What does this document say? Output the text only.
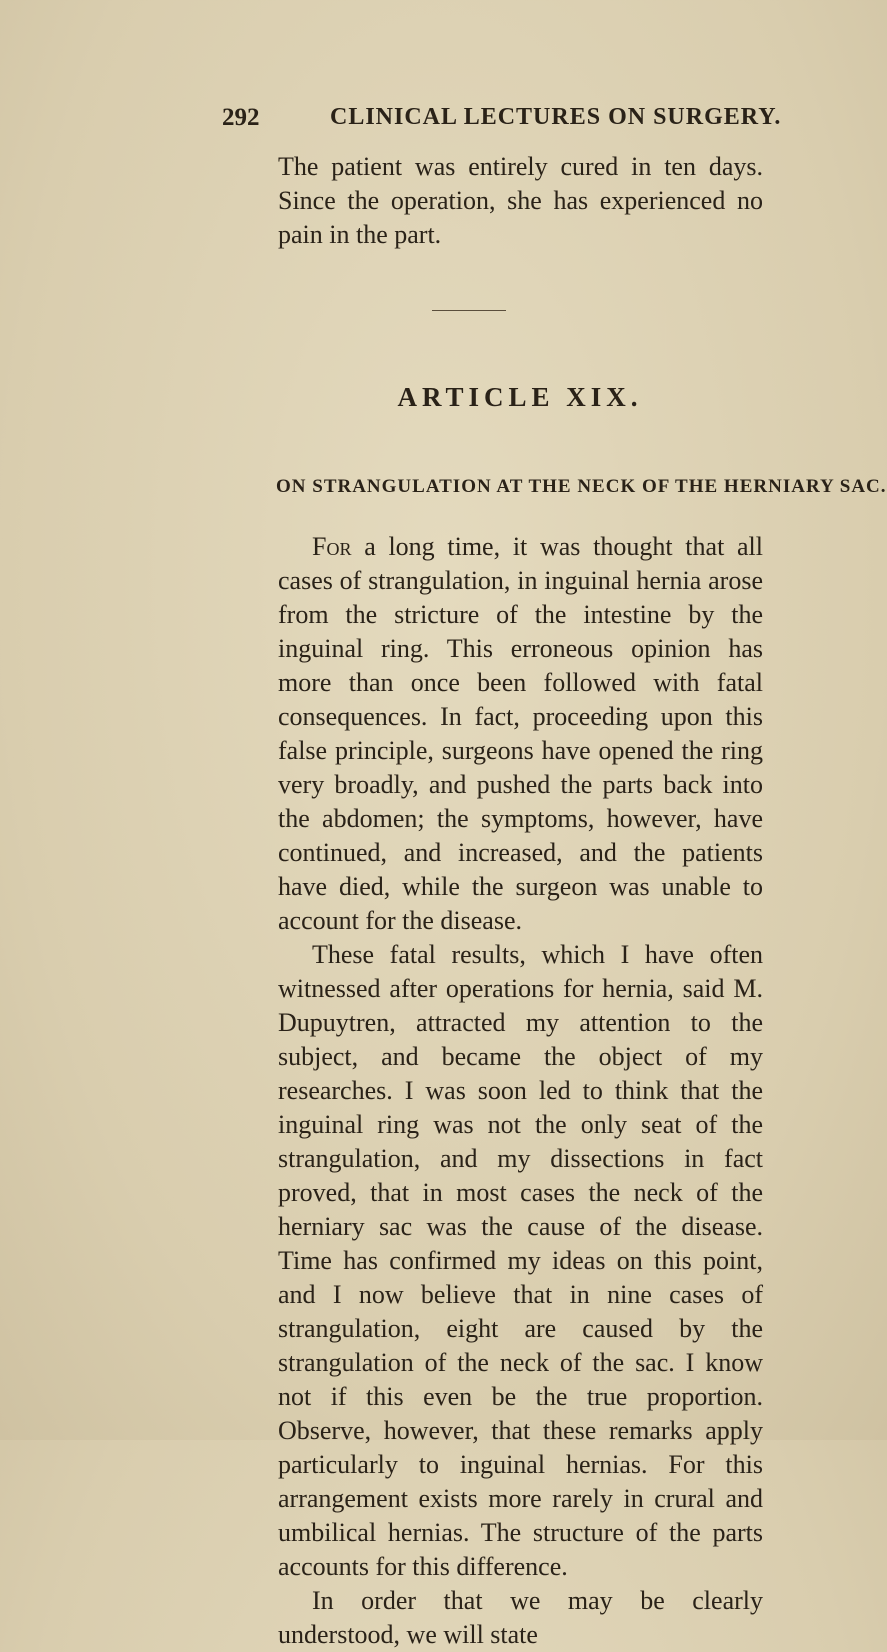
292	CLINICAL LECTURES ON SURGERY.
The patient was entirely cured in ten days. Since the operation, she has experienced no pain in the part.
ARTICLE XIX.
ON STRANGULATION AT THE NECK OF THE HERNIARY SAC.

For a long time, it was thought that all cases of strangulation, in inguinal hernia arose from the stricture of the intestine by the inguinal ring. This erroneous opinion has more than once been followed with fatal consequences. In fact, proceeding upon this false principle, surgeons have opened the ring very broadly, and pushed the parts back into the abdomen; the symptoms, however, have continued, and increased, and the patients have died, while the surgeon was unable to account for the disease.

These fatal results, which I have often witnessed after operations for hernia, said M. Dupuytren, attracted my attention to the subject, and became the object of my researches. I was soon led to think that the inguinal ring was not the only seat of the strangulation, and my dissections in fact proved, that in most cases the neck of the herniary sac was the cause of the disease. Time has confirmed my ideas on this point, and I now believe that in nine cases of strangulation, eight are caused by the strangulation of the neck of the sac. I know not if this even be the true proportion. Observe, however, that these remarks apply particularly to inguinal hernias. For this arrangement exists more rarely in crural and umbilical hernias. The structure of the parts accounts for this difference.

In order that we may be clearly understood, we will state
